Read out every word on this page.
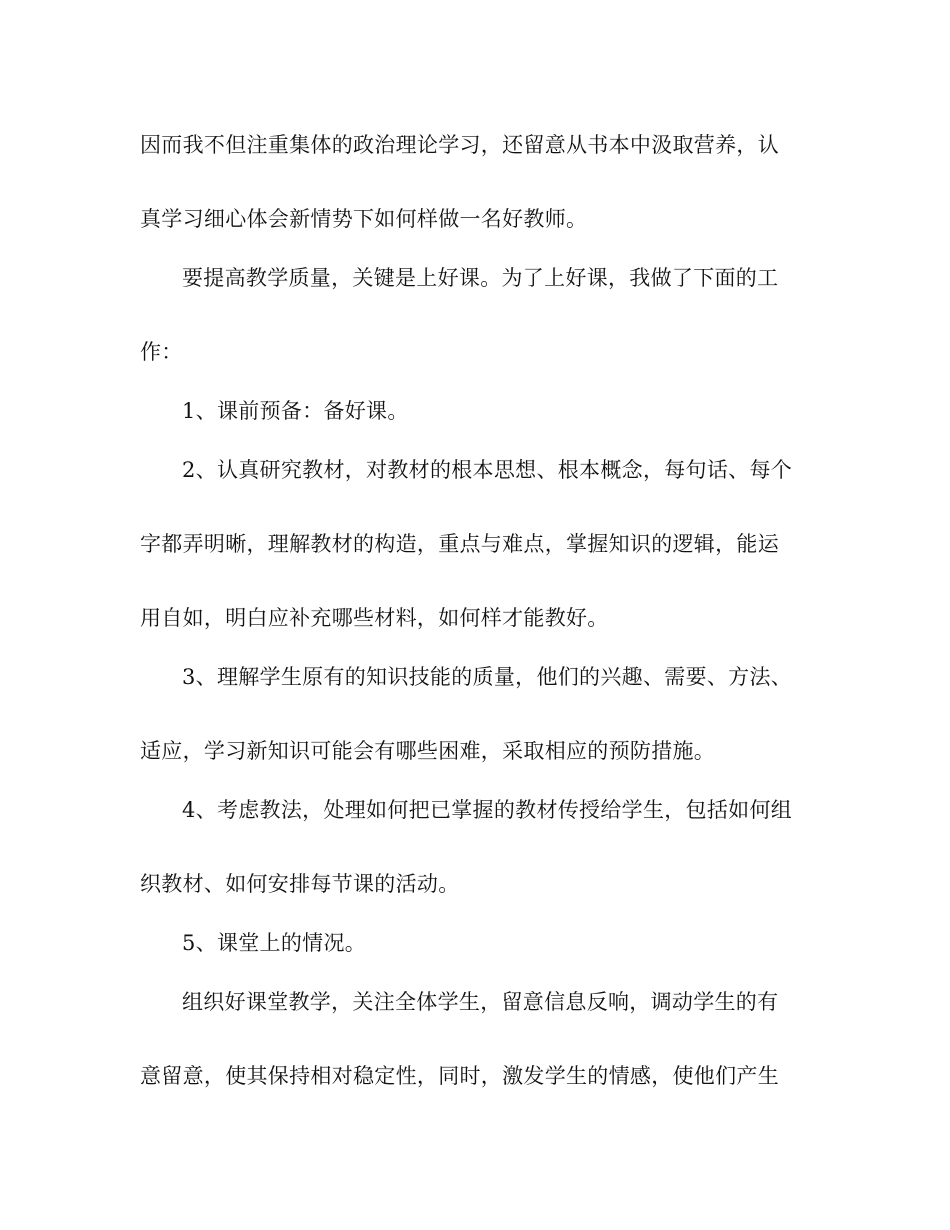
因而我不但注重集体的政治理论学习，还留意从书本中汲取营养，认

真学习细心体会新情势下如何样做一名好教师。

要提高教学质量，关键是上好课。为了上好课，我做了下面的工

作：

1、课前预备：备好课。

2、认真研究教材，对教材的根本思想、根本概念，每句话、每个

字都弄明晰，理解教材的构造，重点与难点，掌握知识的逻辑，能运

用自如，明白应补充哪些材料，如何样才能教好。

3、理解学生原有的知识技能的质量，他们的兴趣、需要、方法、

适应，学习新知识可能会有哪些困难，采取相应的预防措施。

4、考虑教法，处理如何把已掌握的教材传授给学生，包括如何组

织教材、如何安排每节课的活动。

5、课堂上的情况。

组织好课堂教学，关注全体学生，留意信息反响，调动学生的有

意留意，使其保持相对稳定性，同时，激发学生的情感，使他们产生
